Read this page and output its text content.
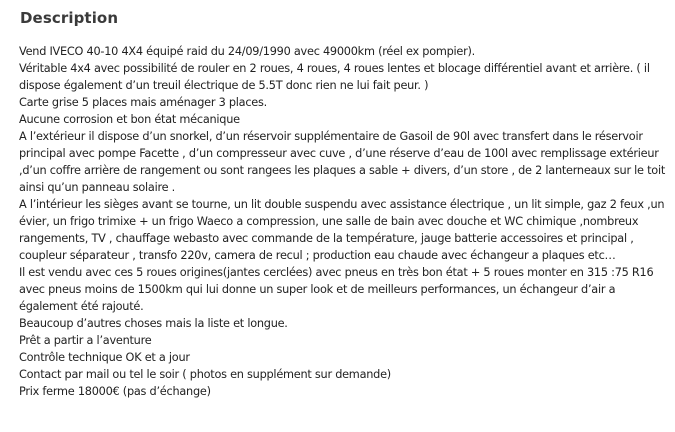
Description

Vend IVECO 40-10 4X4 équipé raid du 24/09/1990 avec 49000km (réel ex pompier).

Véritable 4x4 avec possibilité de rouler en 2 roues, 4 roues, 4 roues lentes et blocage différentiel avant et arrière. ( il dispose également d’un treuil électrique de 5.5T donc rien ne lui fait peur. )

Carte grise 5 places mais aménager 3 places.

Aucune corrosion et bon état mécanique

A l’extérieur il dispose d’un snorkel, d’un réservoir supplémentaire de Gasoil de 90l avec transfert dans le réservoir principal avec pompe Facette , d’un compresseur avec cuve , d’une réserve d’eau de 100l avec remplissage extérieur ,d’un coffre arrière de rangement ou sont rangees les plaques a sable + divers, d’un store , de 2 lanterneaux sur le toit ainsi qu’un panneau solaire .

A l’intérieur les sièges avant se tourne, un lit double suspendu avec assistance électrique , un lit simple, gaz 2 feux ,un évier, un frigo trimixe + un frigo Waeco a compression, une salle de bain avec douche et WC chimique ,nombreux rangements, TV , chauffage webasto avec commande de la température, jauge batterie accessoires et principal , coupleur séparateur , transfo 220v, camera de recul ; production eau chaude avec échangeur a plaques etc…

Il est vendu avec ces 5 roues origines(jantes cerclées) avec pneus en très bon état + 5 roues monter en 315 :75 R16 avec pneus moins de 1500km qui lui donne un super look et de meilleurs performances, un échangeur d’air a également été rajouté.

Beaucoup d’autres choses mais la liste et longue.

Prêt a partir a l’aventure

Contrôle technique OK et a jour

Contact par mail ou tel le soir ( photos en supplément sur demande)

Prix ferme 18000€ (pas d’échange)
